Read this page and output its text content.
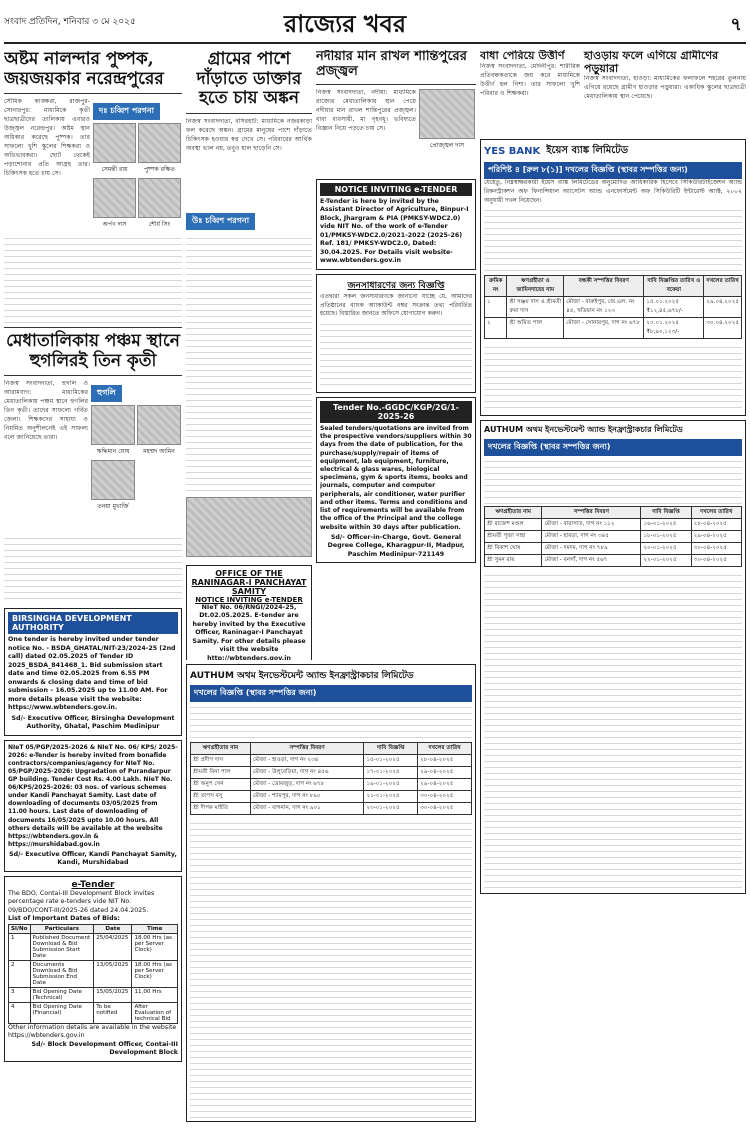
সংবাদ প্রতিদিন, শনিবার ৩ মে ২০২৫	রাজ্যের খবর	৭
অষ্টম নালন্দার পুষ্পক, জয়জয়কার নরেন্দ্রপুরের
সৌমিক কাঙ্ক্ষরা, রাজপুর-সোনারপুর: মাধ্যমিকে কৃতী ছাত্রছাত্রীদের তালিকায় এবারও উজ্জ্বল নরেন্দ্রপুর। অষ্টম স্থান অধিকার করেছে পুষ্পক। তার সাফল্যে খুশি স্কুলের শিক্ষকরা ও অভিভাবকরা। ছোট থেকেই পড়াশোনার প্রতি আগ্রহ তার। চিকিৎসক হতে চায় সে।
দঃ চব্বিশ পরগনা
সেমন্তী রায়	পুষ্পক রক্ষিত
অর্পণ দাস	শৌর্য সিং
মেধাতালিকায় পঞ্চম স্থানে হুগলিরই তিন কৃতী
নিজস্ব সংবাদদাতা, হুগলি ও আরামবাগ: মাধ্যমিকের মেধাতালিকায় পঞ্চম স্থানে হুগলির তিন কৃতী। তাদের সাফল্যে গর্বিত জেলা। শিক্ষকদের সাহায্য ও নিয়মিত অনুশীলনেই এই সাফল্য বলে জানিয়েছে তারা।
হুগলি
ঋদ্ধিমান ঘোষ	মহম্মদ আমিন
তনয়া মুখার্জি
BIRSINGHA DEVELOPMENT AUTHORITY
One tender is hereby invited under tender notice No. - BSDA_GHATAL/NIT-23/2024-25 (2nd call) dated 02.05.2025 of Tender ID 2025_BSDA_841468_1. Bid submission start date and time 02.05.2025 from 6.55 PM onwards & closing date and time of bid submission – 16.05.2025 up to 11.00 AM. For more details please visit the website: https://www.wbtenders.gov.in.
Sd/- Executive Officer, Birsingha Development Authority, Ghatal, Paschim Medinipur
NIeT 05/PGP/2025-2026 & NIeT No. 06/ KPS/ 2025-2026: e-Tender is hereby invited from bonafide contractors/companies/agency for NIeT No. 05/PGP/2025-2026: Upgradation of Purandarpur GP building. Tender Cost Rs. 4.00 Lakh. NIeT No. 06/KPS/2025-2026: 03 nos. of various schemes under Kandi Panchayat Samity. Last date of downloading of documents 03/05/2025 from 11.00 hours. Last date of downloading of documents 16/05/2025 upto 10.00 hours. All others details will be available at the website https://wbtenders.gov.in & https://murshidabad.gov.in
Sd/- Executive Officer, Kandi Panchayat Samity, Kandi, Murshidabad
e-Tender
The BDO, Contai-III Development Block invites percentage rate e-tenders vide NIT No. 09/BDO/CONT-III/2025-26 dated 24.04.2025.
List of Important Dates of Bids:
Sl/No	Particulars	Date	Time
1	Published Document Download & Bid Submission Start Date	25/04/2025	18.00 Hrs (as per Server Clock)
2	Documents Download & Bid Submission End Date	13/05/2025	18.00 Hrs (as per Server Clock)
3	Bid Opening Date (Technical)	15/05/2025	11.00 Hrs
4	Bid Opening Date (Financial)	To be notified	After Evaluation of technical Bid
Other information details are available in the website https://wbtenders.gov.in
Sd/- Block Development Officer, Contai-III Development Block
গ্রামের পাশে দাঁড়াতে ডাক্তার হতে চায় অঙ্কন
নিজস্ব সংবাদদাতা, বসিরহাট: মাধ্যমিকে নজরকাড়া ফল করেছে অঙ্কন। গ্রামের মানুষের পাশে দাঁড়াতে চিকিৎসক হওয়ার স্বপ্ন দেখে সে। পরিবারের আর্থিক অবস্থা ভাল নয়, তবুও হাল ছাড়েনি সে।
উঃ চব্বিশ পরগনা
OFFICE OF THE RANINAGAR-I PANCHAYAT SAMITY
NOTICE INVITING e-TENDER
NIeT No. 06/RNGI/2024-25, Dt.02.05.2025. E-tender are hereby invited by the Executive Officer, Raninagar-I Panchayat Samity. For other details please visit the website http://wbtenders.gov.in
নদীয়ার মান রাখল শান্তিপুরের প্রজ্জ্বল
নিজস্ব সংবাদদাতা, নদীয়া: মাধ্যমিকে রাজ্যের মেধাতালিকায় স্থান পেয়ে নদীয়ার মান রাখল শান্তিপুরের প্রজ্জ্বল। বাবা ব্যবসায়ী, মা গৃহবধূ। ভবিষ্যতে বিজ্ঞান নিয়ে পড়তে চায় সে।
প্রোজ্জ্বল দাস
NOTICE INVITING e-TENDER
E-Tender is here by invited by the Assistant Director of Agriculture, Binpur-I Block, Jhargram & PIA (PMKSY-WDC2.0) vide NIT No. of the work of e-Tender 01/PMKSY-WDC2.0/2021-2022 (2025-26) Ref. 181/ PMKSY-WDC2.0, Dated: 30.04.2025. For Details visit website-www.wbtenders.gov.in
জনসাধারণের জন্য বিজ্ঞপ্তি
এতদ্বারা সকল জনসাধারণকে জানানো যাচ্ছে যে, আমাদের প্রতিষ্ঠানের ব্যাংক অ্যাকাউন্ট নম্বর সংক্রান্ত তথ্য পরিবর্তিত হয়েছে। বিস্তারিত জানতে অফিসে যোগাযোগ করুন।
Tender No.-GGDC/KGP/2G/1-2025-26
Sealed tenders/quotations are invited from the prospective vendors/suppliers within 30 days from the date of publication, for the purchase/supply/repair of items of equipment, lab equipment, furniture, electrical & glass wares, biological specimens, gym & sports items, books and journals, computer and computer peripherals, air conditioner, water purifier and other items. Terms and conditions and list of requirements will be available from the office of the Principal and the college website within 30 days after publication.
Sd/- Officer-in-Charge, Govt. General Degree College, Kharagpur-II, Madpur, Paschim Medinipur-721149
বাধা পেরিয়ে উত্তীর্ণ
নিজস্ব সংবাদদাতা, মেদিনীপুর: শারীরিক প্রতিবন্ধকতাকে জয় করে মাধ্যমিকে উত্তীর্ণ হল নিশা। তার সাফল্যে খুশি পরিবার ও শিক্ষকরা।
হাওড়ায় ফলে এগিয়ে গ্রামীণের পড়ুয়ারা
নিজস্ব সংবাদদাতা, হাওড়া: মাধ্যমিকের ফলাফলে শহরের তুলনায় এগিয়ে রয়েছে গ্রামীণ হাওড়ার পড়ুয়ারা। একাধিক স্কুলের ছাত্রছাত্রী মেধাতালিকায় স্থান পেয়েছে।
YES BANK ইয়েস ব্যাঙ্ক লিমিটেড
পরিশিষ্ট ৪ [রুল ৮(১)] দখলের বিজ্ঞপ্তি (স্থাবর সম্পত্তির জন্য)
যেহেতু, নিম্নস্বাক্ষরকারী ইয়েস ব্যাঙ্ক লিমিটেডের অনুমোদিত আধিকারিক হিসেবে সিকিউরিটাইজেশন অ্যান্ড রিকনস্ট্রাকশন অফ ফিনান্সিয়াল অ্যাসেটস অ্যান্ড এনফোর্সমেন্ট অফ সিকিউরিটি ইন্টারেস্ট অ্যাক্ট, ২০০২ অনুযায়ী দখল নিয়েছেন।
ক্রমিক নং	ঋণগ্রহীতা ও জামিনদারের নাম	বন্ধকী সম্পত্তির বিবরণ	দাবি বিজ্ঞপ্তির তারিখ ও বকেয়া	দখলের তারিখ
১	শ্রী সঞ্জয় দাস ও শ্রীমতী রুমা দাস	মৌজা - বারুইপুর, জে.এল. নং ৪৫, খতিয়ান নং ১২৩	১৫.০১.২০২৫ ₹১২,৪৫,৬৭৮/-	২৯.০৪.২০২৫
২	শ্রী অমিত পাল	মৌজা - সোনারপুর, দাগ নং ৬৭৮	২০.০১.২০২৫ ₹৮,৯০,১২৩/-	৩০.০৪.২০২৫
AUTHUM অথম ইনভেস্টমেন্ট অ্যান্ড ইনফ্রাস্ট্রাকচার লিমিটেড
দখলের বিজ্ঞপ্তি (স্থাবর সম্পত্তির জন্য)
ঋণগ্রহীতার নাম	সম্পত্তির বিবরণ	দাবি বিজ্ঞপ্তি	দখলের তারিখ
শ্রী রাজেশ মণ্ডল	মৌজা - বারাসাত, দাগ নং ১১২	১৬-০১-২০২৫	২৮-০৪-২০২৫
শ্রীমতী পূজা সাহা	মৌজা - হাবড়া, দাগ নং ৩৪৫	১৮-০১-২০২৫	২৯-০৪-২০২৫
শ্রী বিকাশ ঘোষ	মৌজা - দমদম, দাগ নং ৭৮৯	২০-০১-২০২৫	৩০-০৪-২০২৫
শ্রী সুমন রায়	মৌজা - বনগাঁ, দাগ নং ৫৬৭	২২-০১-২০২৫	৩০-০৪-২০২৫
AUTHUM অথম ইনভেস্টমেন্ট অ্যান্ড ইনফ্রাস্ট্রাকচার লিমিটেড
দখলের বিজ্ঞপ্তি (স্থাবর সম্পত্তির জন্য)
ঋণগ্রহীতার নাম	সম্পত্তির বিবরণ	দাবি বিজ্ঞপ্তি	দখলের তারিখ
শ্রী প্রদীপ দাস	মৌজা - হাওড়া, দাগ নং ২৩৪	১৫-০১-২০২৫	২৮-০৪-২০২৫
শ্রীমতী রিনা পাল	মৌজা - উলুবেড়িয়া, দাগ নং ৪৫৬	১৭-০১-২০২৫	২৯-০৪-২০২৫
শ্রী অনুপ সেন	মৌজা - ডোমজুড়, দাগ নং ৬৭৮	১৯-০১-২০২৫	২৯-০৪-২০২৫
শ্রী তাপস বসু	মৌজা - শ্যামপুর, দাগ নং ৮৯০	২১-০১-২০২৫	৩০-০৪-২০২৫
শ্রী দীপক মাইতি	মৌজা - বাগনান, দাগ নং ৯০১	২৩-০১-২০২৫	৩০-০৪-২০২৫
